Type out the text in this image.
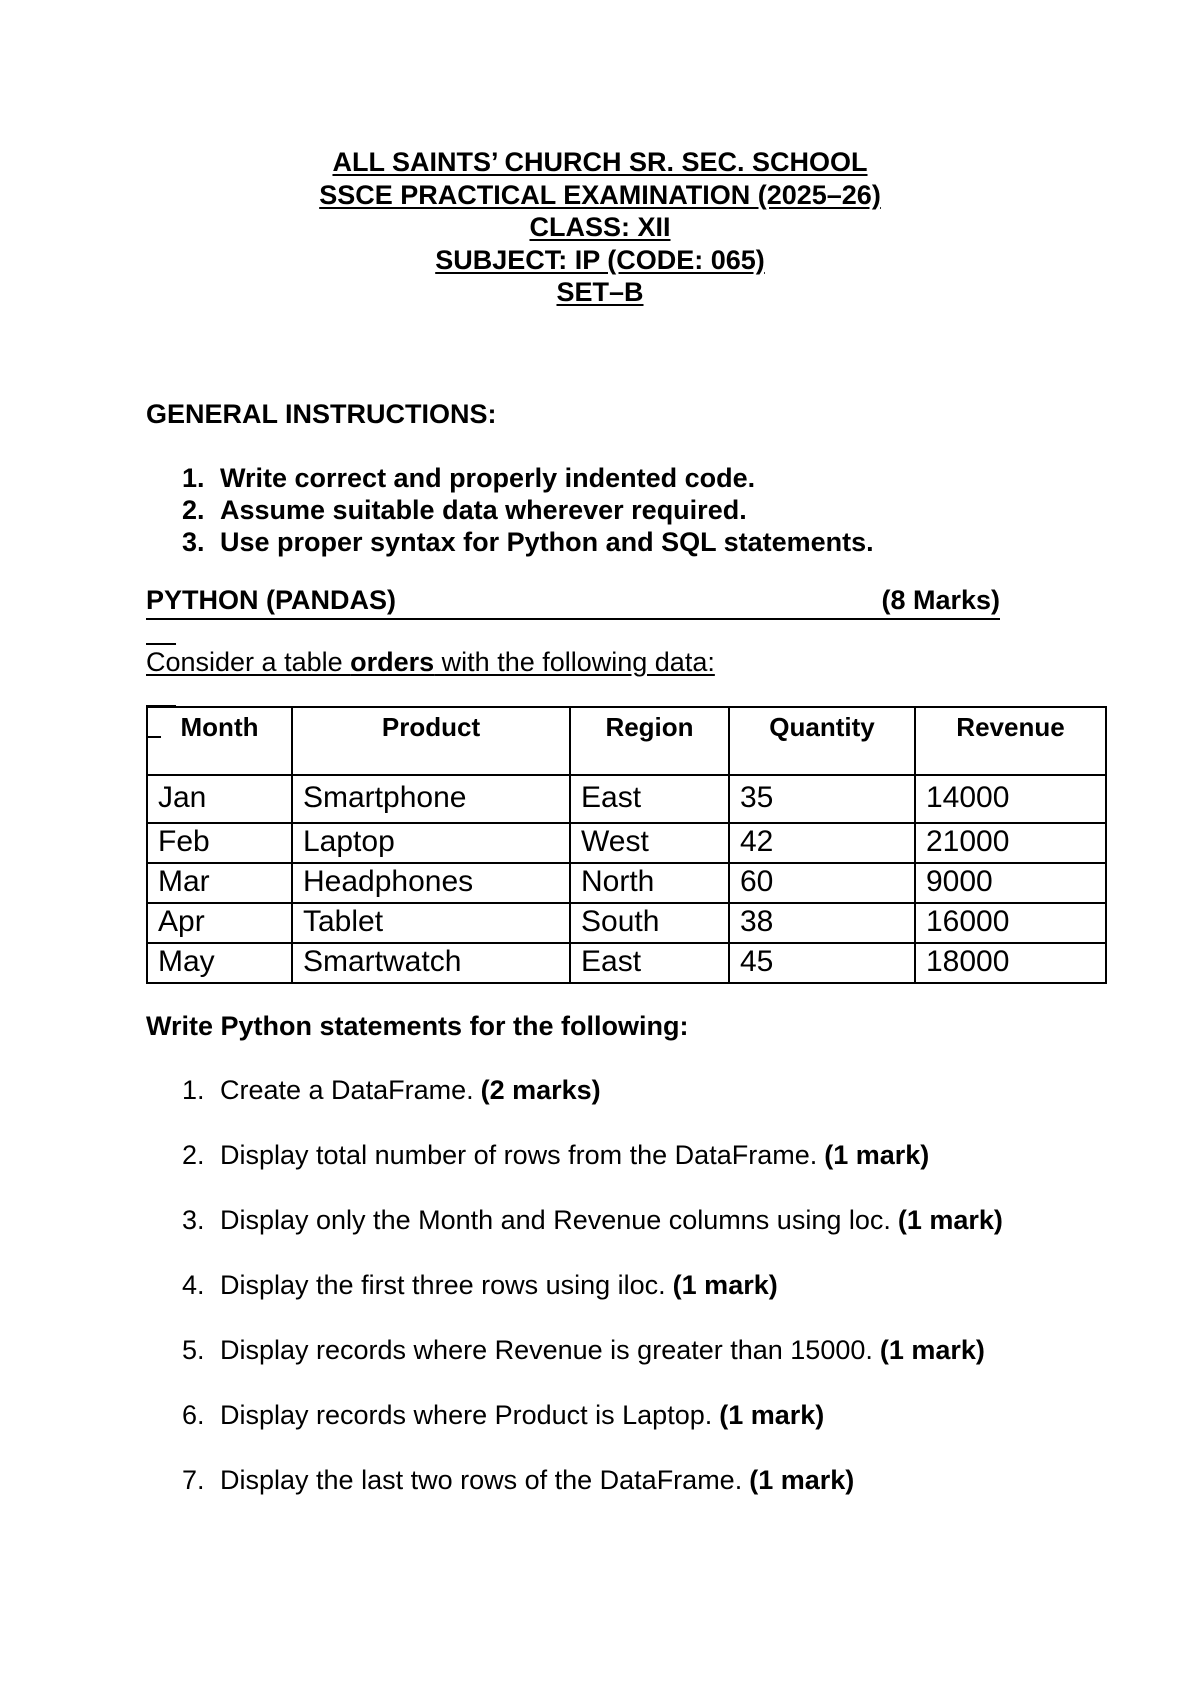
ALL SAINTS’ CHURCH SR. SEC. SCHOOL
SSCE PRACTICAL EXAMINATION (2025–26)
CLASS: XII
SUBJECT: IP (CODE: 065)
SET–B
GENERAL INSTRUCTIONS:
1. Write correct and properly indented code.
2. Assume suitable data wherever required.
3. Use proper syntax for Python and SQL statements.

PYTHON (PANDAS)

	(8 Marks)

Consider a table orders with the following data:
Month	Product	Region	Quantity	Revenue
Jan	Smartphone	East	35	14000
Feb	Laptop	West	42	21000
Mar	Headphones	North	60	9000
Apr	Tablet	South	38	16000
May	Smartwatch	East	45	18000
Write Python statements for the following:
1. Create a DataFrame. (2 marks)
2. Display total number of rows from the DataFrame. (1 mark)
3. Display only the Month and Revenue columns using loc. (1 mark)
4. Display the first three rows using iloc. (1 mark)
5. Display records where Revenue is greater than 15000. (1 mark)
6. Display records where Product is Laptop. (1 mark)
7. Display the last two rows of the DataFrame. (1 mark)
